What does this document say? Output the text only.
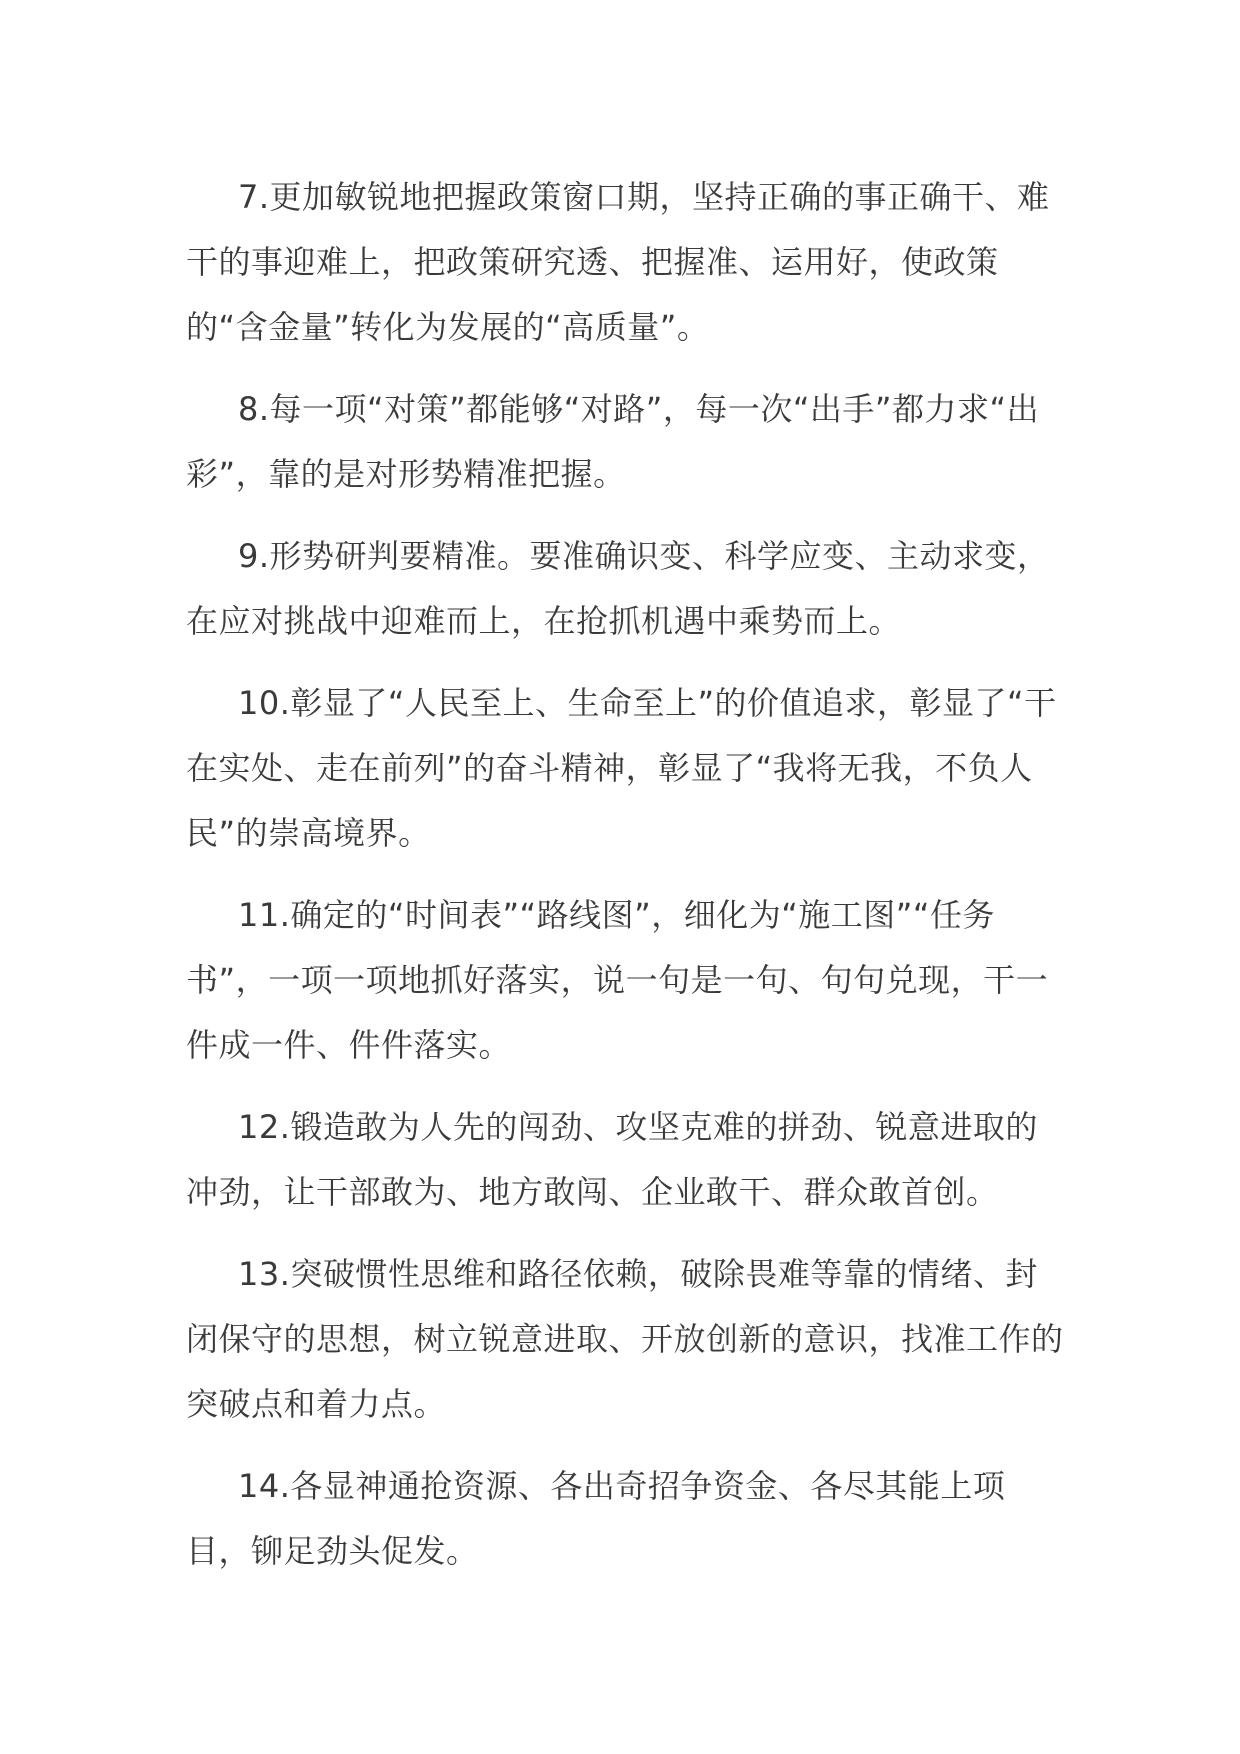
7.更加敏锐地把握政策窗口期，坚持正确的事正确干、难干的事迎难上，把政策研究透、把握准、运用好，使政策的“含金量”转化为发展的“高质量”。

8.每一项“对策”都能够“对路”，每一次“出手”都力求“出彩”，靠的是对形势精准把握。

9.形势研判要精准。要准确识变、科学应变、主动求变，在应对挑战中迎难而上，在抢抓机遇中乘势而上。

10.彰显了“人民至上、生命至上”的价值追求，彰显了“干在实处、走在前列”的奋斗精神，彰显了“我将无我，不负人民”的崇高境界。

11.确定的“时间表”“路线图”，细化为“施工图”“任务书”，一项一项地抓好落实，说一句是一句、句句兑现，干一件成一件、件件落实。

12.锻造敢为人先的闯劲、攻坚克难的拼劲、锐意进取的冲劲，让干部敢为、地方敢闯、企业敢干、群众敢首创。

13.突破惯性思维和路径依赖，破除畏难等靠的情绪、封闭保守的思想，树立锐意进取、开放创新的意识，找准工作的突破点和着力点。

14.各显神通抢资源、各出奇招争资金、各尽其能上项目，铆足劲头促发。
